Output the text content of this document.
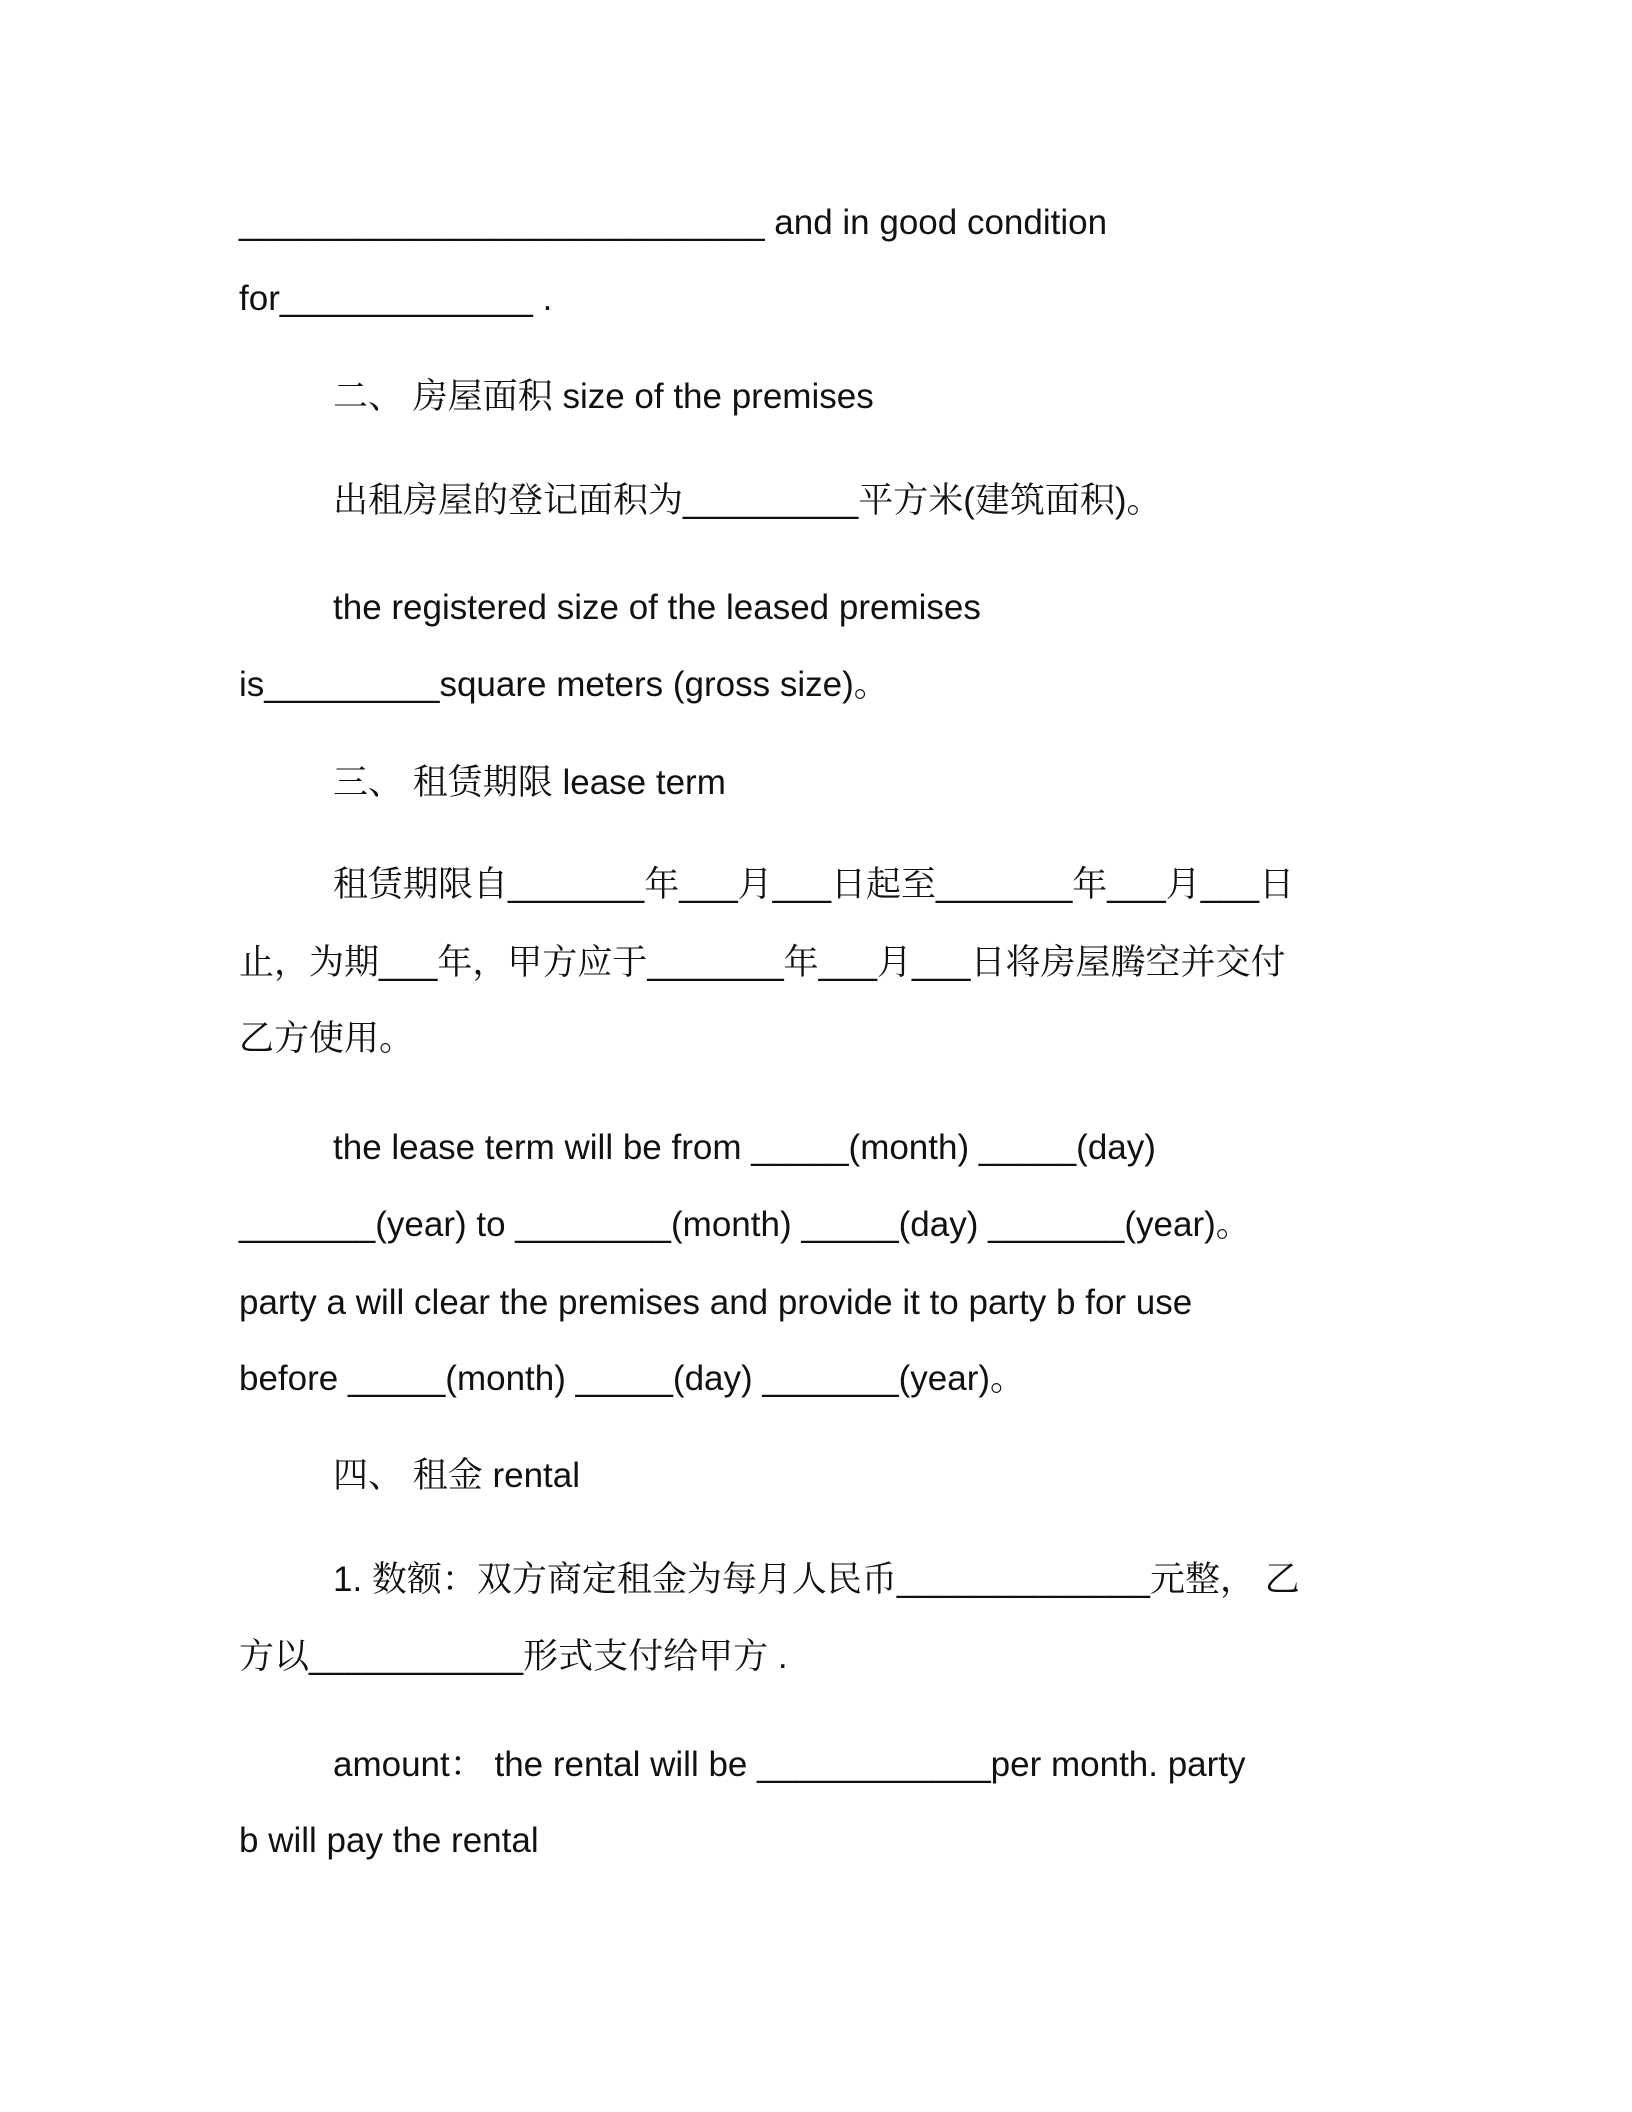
___________________________ and in good condition
for_____________ .
二、 房屋面积 size of the premises
出租房屋的登记面积为_________平方米(建筑面积)。
the registered size of the leased premises
is_________square meters (gross size)。
三、 租赁期限 lease term
租赁期限自_______年___月___日起至_______年___月___日
止，为期___年，甲方应于_______年___月___日将房屋腾空并交付
乙方使用。
the lease term will be from _____(month) _____(day)
_______(year) to ________(month) _____(day) _______(year)。
party a will clear the premises and provide it to party b for use
before _____(month) _____(day) _______(year)。
四、 租金 rental
1. 数额：双方商定租金为每月人民币_____________元整， 乙
方以___________形式支付给甲方 .
amount： the rental will be ____________per month. party
b will pay the rental
